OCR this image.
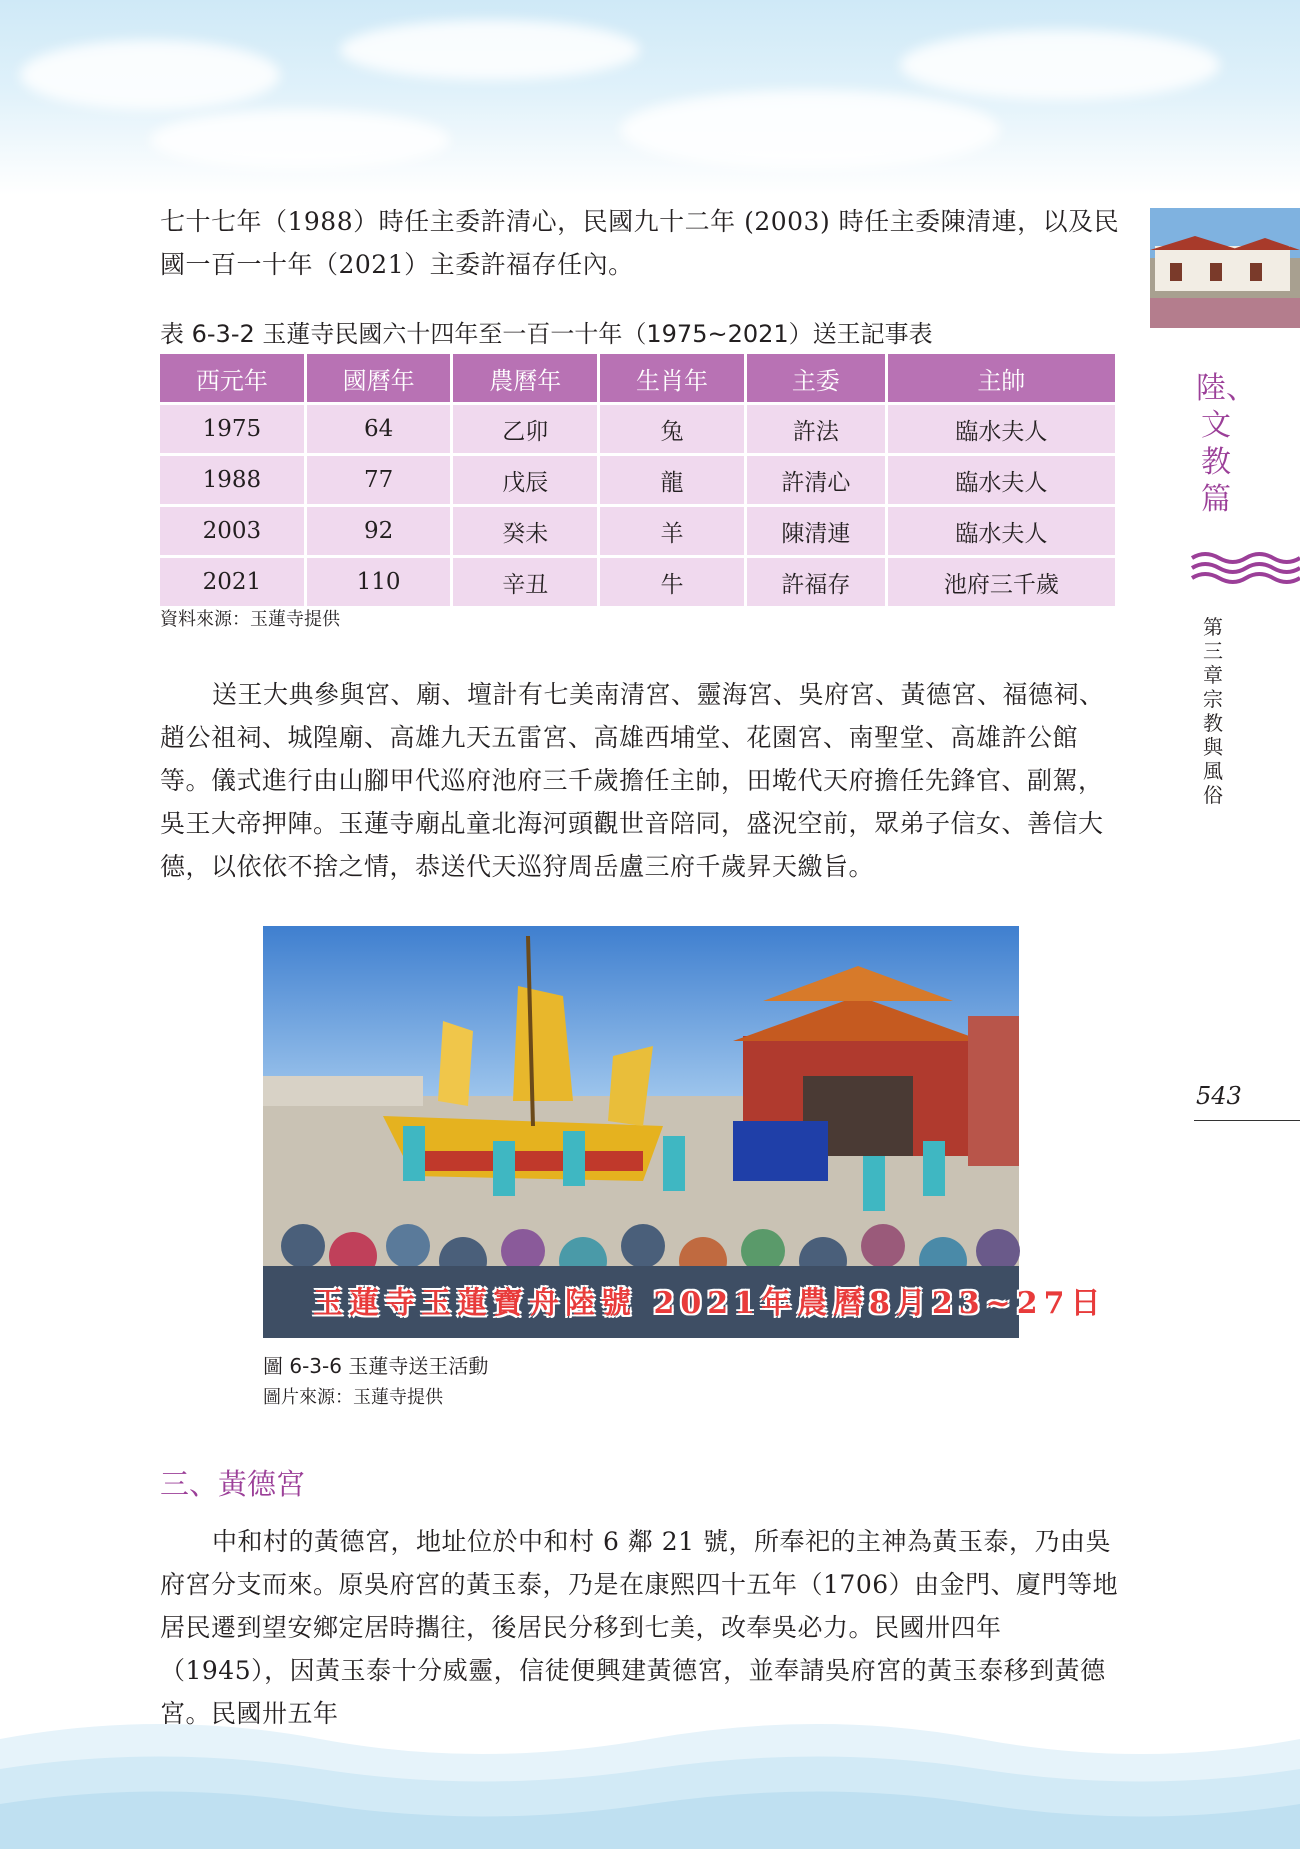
七十七年（1988）時任主委許清心，民國九十二年 (2003) 時任主委陳清連，以及民國一百一十年（2021）主委許福存任內。

表 6-3-2 玉蓮寺民國六十四年至一百一十年（1975~2021）送王記事表
西元年	國曆年	農曆年	生肖年	主委	主帥
1975	64	乙卯	兔	許法	臨水夫人
1988	77	戊辰	龍	許清心	臨水夫人
2003	92	癸未	羊	陳清連	臨水夫人
2021	110	辛丑	牛	許福存	池府三千歲
資料來源：玉蓮寺提供

送王大典參與宮、廟、壇計有七美南清宮、靈海宮、吳府宮、黃德宮、福德祠、趙公祖祠、城隍廟、高雄九天五雷宮、高雄西埔堂、花園宮、南聖堂、高雄許公館等。儀式進行由山腳甲代巡府池府三千歲擔任主帥，田墘代天府擔任先鋒官、副駕，吳王大帝押陣。玉蓮寺廟乩童北海河頭觀世音陪同，盛況空前，眾弟子信女、善信大德，以依依不捨之情，恭送代天巡狩周岳盧三府千歲昇天繳旨。

玉蓮寺玉蓮寶舟陸號 2021年農曆8月23~27日
圖 6-3-6 玉蓮寺送王活動
圖片來源：玉蓮寺提供
三、黃德宮

中和村的黃德宮，地址位於中和村 6 鄰 21 號，所奉祀的主神為黃玉泰，乃由吳府宮分支而來。原吳府宮的黃玉泰，乃是在康熙四十五年（1706）由金門、廈門等地居民遷到望安鄉定居時攜往，後居民分移到七美，改奉吳必力。民國卅四年（1945），因黃玉泰十分威靈，信徒便興建黃德宮，並奉請吳府宮的黃玉泰移到黃德宮。民國卅五年

陸、文教篇
第三章 宗教與風俗
543
